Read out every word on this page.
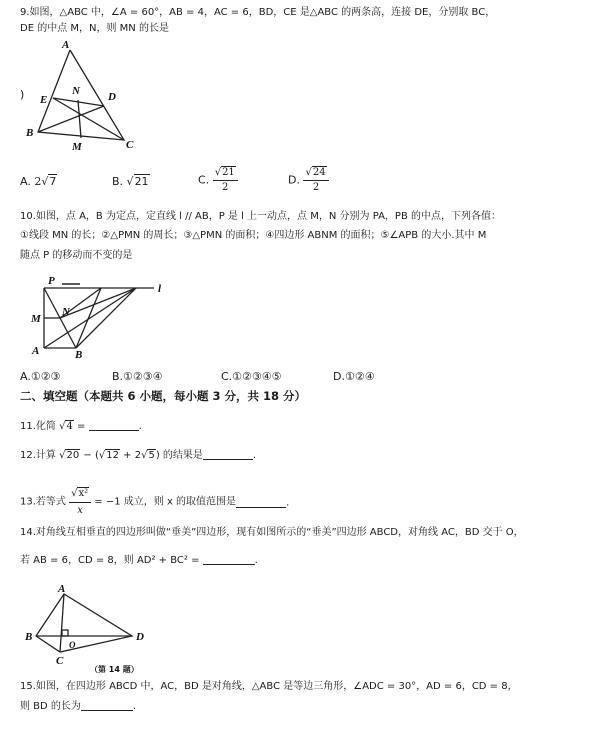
9.如图，△ABC 中，∠A = 60°，AB = 4，AC = 6，BD，CE 是△ABC 的两条高，连接 DE，分别取 BC，
DE 的中点 M，N，则 MN 的长是
)
A
B
C
D
E
M
N
A. 2√7	B. √21	C. $\frac{√21}{2}$	D. $\frac{√24}{2}$
10.如图，点 A，B 为定点，定直线 l // AB，P 是 l 上一动点，点 M，N 分别为 PA，PB 的中点，下列各值：
①线段 MN 的长；②△PMN 的周长；③△PMN 的面积；④四边形 ABNM 的面积；⑤∠APB 的大小.其中 M
随点 P 的移动而不变的是
P
l
M
N
A	B
A.①②③	B.①②③④	C.①②③④⑤	D.①②④
二、填空题（本题共 6 小题，每小题 3 分，共 18 分）
11.化简 √4 =	.
12.计算 √20 − (√12 + 2√5) 的结果是	.
13.若等式 $\frac{\text{√x²}}{x} = -1$ 成立，则 x 的取值范围是	.
14.对角线互相垂直的四边形叫做“垂美”四边形，现有如图所示的“垂美”四边形 ABCD，对角线 AC，BD 交于 O，
若 AB = 6，CD = 8，则 AD² + BC² =	.
A
B
C
D
O
（第 14 题）
15.如图，在四边形 ABCD 中，AC，BD 是对角线，△ABC 是等边三角形，∠ADC = 30°，AD = 6，CD = 8，
则 BD 的长为	.
